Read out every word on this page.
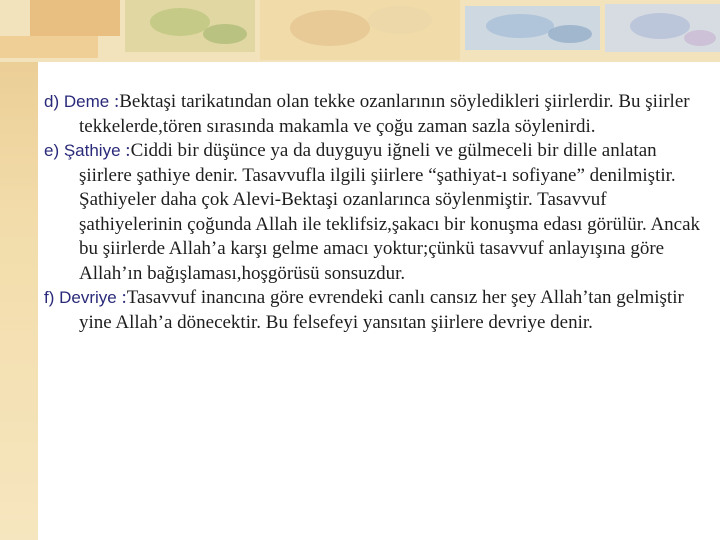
d) Deme :Bektaşi tarikatından olan tekke ozanlarının söyledikleri şiirlerdir. Bu şiirler tekkelerde,tören sırasında makamla ve çoğu zaman sazla söylenirdi.

e) Şathiye :Ciddi bir düşünce ya da duyguyu iğneli ve gülmeceli bir dille anlatan şiirlere şathiye denir. Tasavvufla ilgili şiirlere “şathiyat-ı sofiyane” denilmiştir. Şathiyeler daha çok Alevi-Bektaşi ozanlarınca söylenmiştir. Tasavvuf şathiyelerinin çoğunda Allah ile teklifsiz,şakacı bir konuşma edası görülür. Ancak bu şiirlerde Allah’a karşı gelme amacı yoktur;çünkü tasavvuf anlayışına göre Allah’ın bağışlaması,hoşgörüsü sonsuzdur.

f) Devriye :Tasavvuf inancına göre evrendeki canlı cansız her şey Allah’tan gelmiştir yine Allah’a dönecektir. Bu felsefeyi yansıtan şiirlere devriye denir.
